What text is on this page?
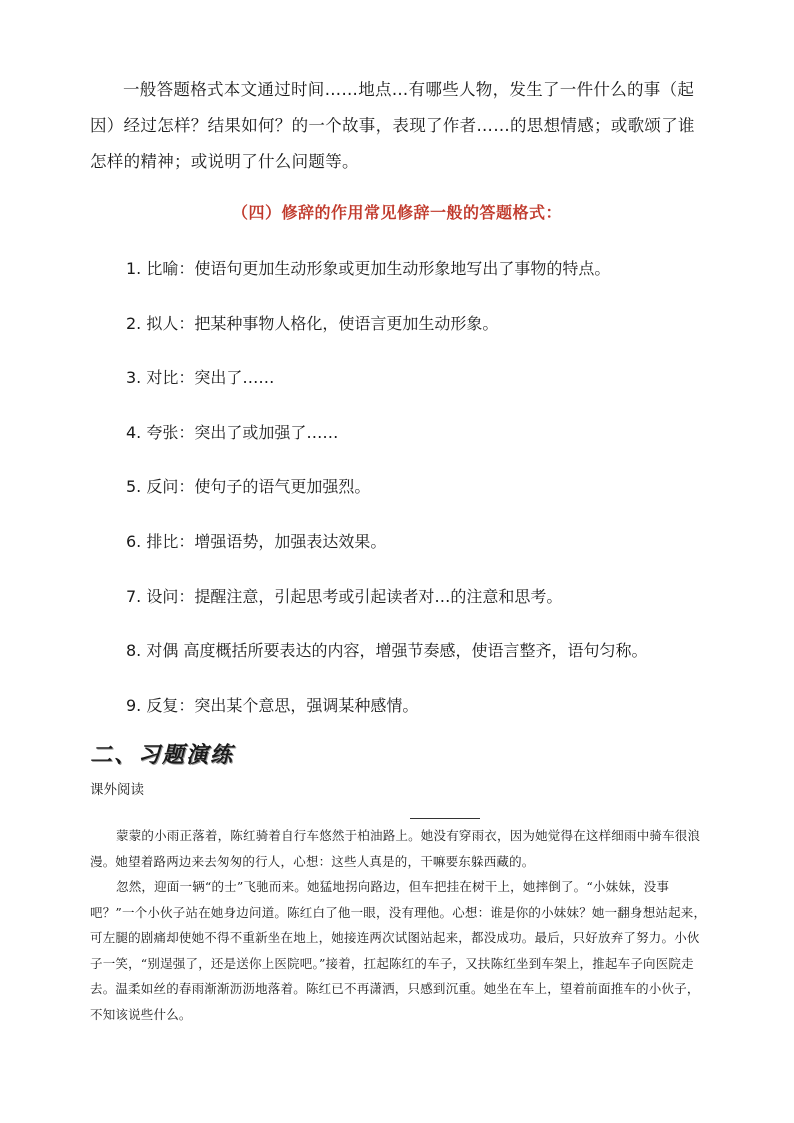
一般答题格式本文通过时间……地点…有哪些人物，发生了一件什么的事（起因）经过怎样？结果如何？的一个故事，表现了作者……的思想情感；或歌颂了谁怎样的精神；或说明了什么问题等。

（四）修辞的作用常见修辞一般的答题格式：

1. 比喻：使语句更加生动形象或更加生动形象地写出了事物的特点。

2. 拟人：把某种事物人格化，使语言更加生动形象。

3. 对比：突出了……

4. 夸张：突出了或加强了……

5. 反问：使句子的语气更加强烈。

6. 排比：增强语势，加强表达效果。

7. 设问：提醒注意，引起思考或引起读者对…的注意和思考。

8. 对偶 高度概括所要表达的内容，增强节奏感，使语言整齐，语句匀称。

9. 反复：突出某个意思，强调某种感情。

二、习题演练

课外阅读

蒙蒙的小雨正落着，陈红骑着自行车悠然于柏油路上。她没有穿雨衣，因为她觉得在这样细雨中骑车很浪漫。她望着路两边来去匆匆的行人，心想：这些人真是的，干嘛要东躲西藏的。

忽然，迎面一辆“的士”飞驰而来。她猛地拐向路边，但车把挂在树干上，她摔倒了。“小妹妹，没事吧？”一个小伙子站在她身边问道。陈红白了他一眼，没有理他。心想：谁是你的小妹妹？她一翻身想站起来，可左腿的剧痛却使她不得不重新坐在地上，她接连两次试图站起来，都没成功。最后，只好放弃了努力。小伙子一笑，“别逞强了，还是送你上医院吧。”接着，扛起陈红的车子，又扶陈红坐到车架上，推起车子向医院走去。温柔如丝的春雨渐渐沥沥地落着。陈红已不再潇洒，只感到沉重。她坐在车上，望着前面推车的小伙子，不知该说些什么。
